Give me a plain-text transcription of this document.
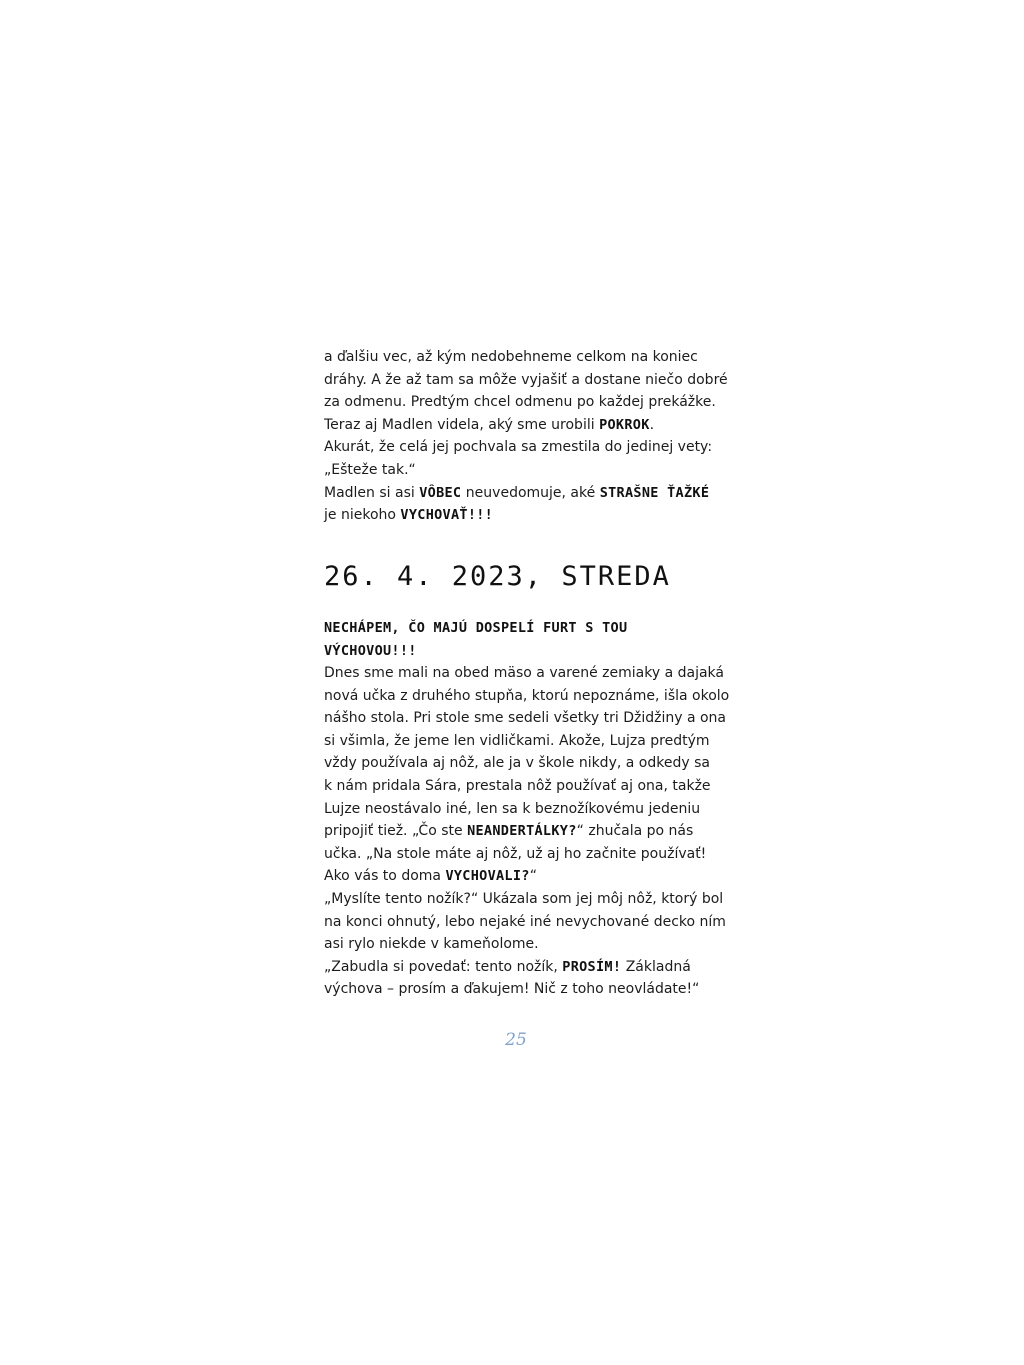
a ďalšiu vec, až kým nedobehneme celkom na koniec
dráhy. A že až tam sa môže vyjašiť a dostane niečo dobré
za odmenu. Predtým chcel odmenu po každej prekážke.
Teraz aj Madlen videla, aký sme urobili POKROK.
Akurát, že celá jej pochvala sa zmestila do jedinej vety:
„Ešteže tak.“
Madlen si asi VÔBEC neuvedomuje, aké STRAŠNE ŤAŽKÉ
je niekoho VYCHOVAŤ!!!
26. 4. 2023, STREDA
NECHÁPEM, ČO MAJÚ DOSPELÍ FURT S TOU
VÝCHOVOU!!!
Dnes sme mali na obed mäso a varené zemiaky a dajaká
nová učka z druhého stupňa, ktorú nepoznáme, išla okolo
nášho stola. Pri stole sme sedeli všetky tri Džidžiny a ona
si všimla, že jeme len vidličkami. Akože, Lujza predtým
vždy používala aj nôž, ale ja v škole nikdy, a odkedy sa
k nám pridala Sára, prestala nôž používať aj ona, takže
Lujze neostávalo iné, len sa k beznožíkovému jedeniu
pripojiť tiež. „Čo ste NEANDERTÁLKY?“ zhučala po nás
učka. „Na stole máte aj nôž, už aj ho začnite používať!
Ako vás to doma VYCHOVALI?“
„Myslíte tento nožík?“ Ukázala som jej môj nôž, ktorý bol
na konci ohnutý, lebo nejaké iné nevychované decko ním
asi rylo niekde v kameňolome.
„Zabudla si povedať: tento nožík, PROSÍM! Základná
výchova – prosím a ďakujem! Nič z toho neovládate!“
25
